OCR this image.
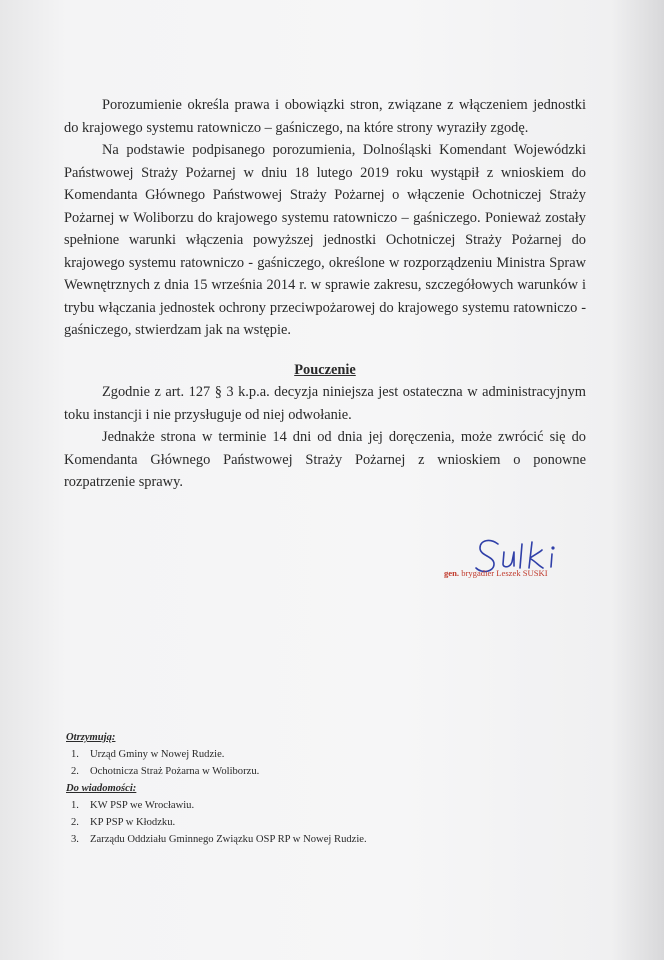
Porozumienie określa prawa i obowiązki stron, związane z włączeniem jednostki do krajowego systemu ratowniczo – gaśniczego, na które strony wyraziły zgodę.

Na podstawie podpisanego porozumienia, Dolnośląski Komendant Wojewódzki Państwowej Straży Pożarnej w dniu 18 lutego 2019 roku wystąpił z wnioskiem do Komendanta Głównego Państwowej Straży Pożarnej o włączenie Ochotniczej Straży Pożarnej w Woliborzu do krajowego systemu ratowniczo – gaśniczego. Ponieważ zostały spełnione warunki włączenia powyższej jednostki Ochotniczej Straży Pożarnej do krajowego systemu ratowniczo - gaśniczego, określone w rozporządzeniu Ministra Spraw Wewnętrznych z dnia 15 września 2014 r. w sprawie zakresu, szczegółowych warunków i trybu włączania jednostek ochrony przeciwpożarowej do krajowego systemu ratowniczo - gaśniczego, stwierdzam jak na wstępie.

Pouczenie

Zgodnie z art. 127 § 3 k.p.a. decyzja niniejsza jest ostateczna w administracyjnym toku instancji i nie przysługuje od niej odwołanie.

Jednakże strona w terminie 14 dni od dnia jej doręczenia, może zwrócić się do Komendanta Głównego Państwowej Straży Pożarnej z wnioskiem o ponowne rozpatrzenie sprawy.

gen. brygadier Leszek SUSKI
Otrzymują:
1.	Urząd Gminy w Nowej Rudzie.
2.	Ochotnicza Straż Pożarna w Woliborzu.
Do wiadomości:
1.	KW PSP we Wrocławiu.
2.	KP PSP w Kłodzku.
3.	Zarządu Oddziału Gminnego Związku OSP RP w Nowej Rudzie.
